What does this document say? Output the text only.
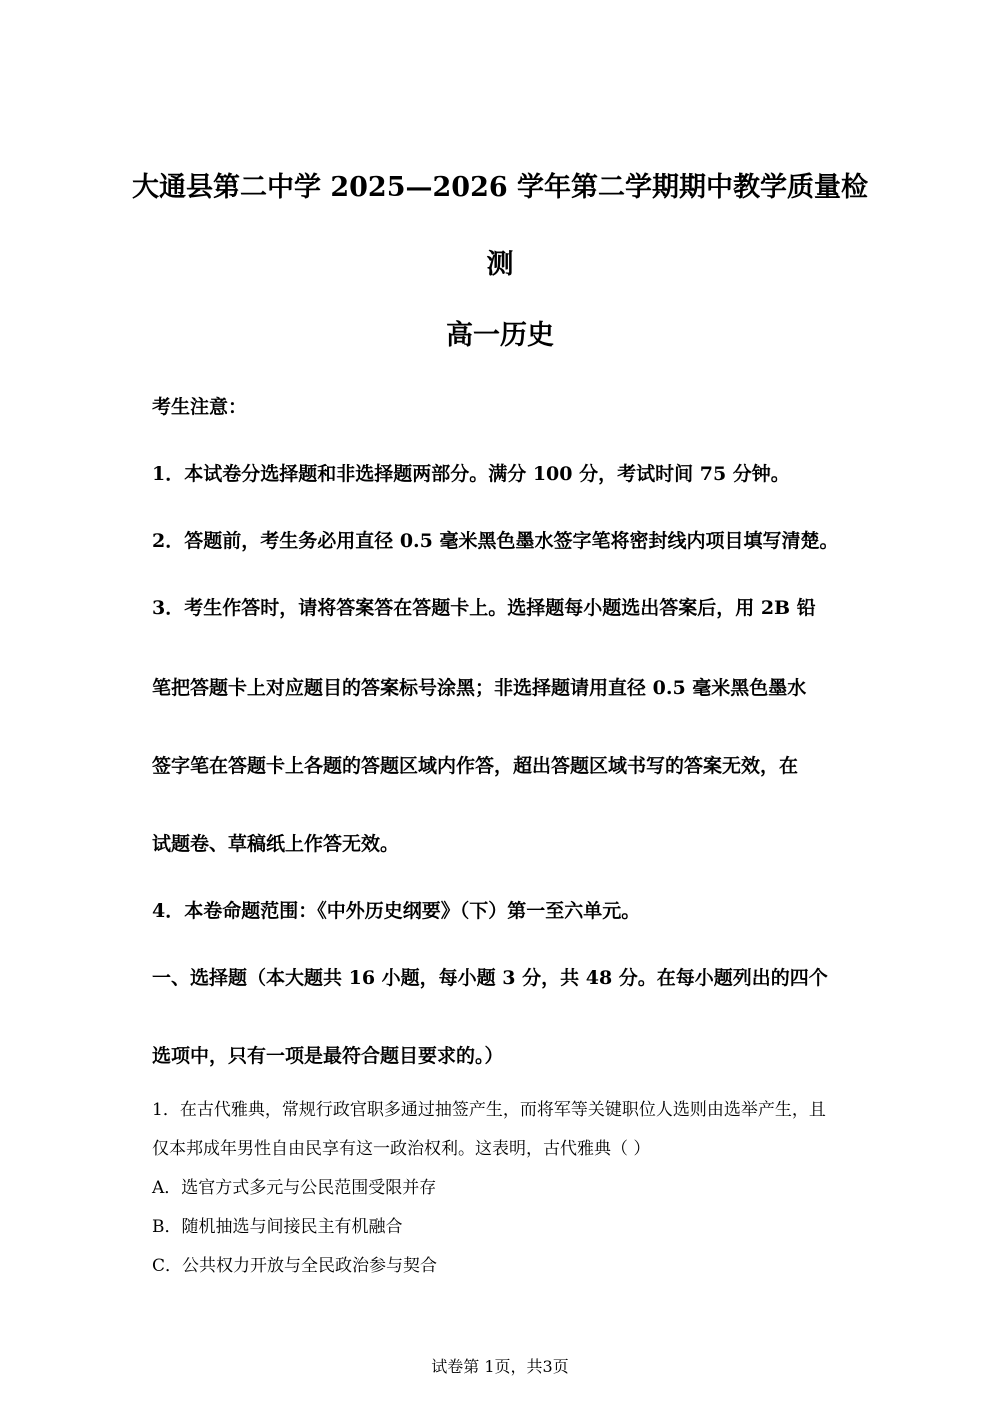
大通县第二中学 2025—2026 学年第二学期期中教学质量检
测
高一历史
考生注意：
1．本试卷分选择题和非选择题两部分。满分 100 分，考试时间 75 分钟。
2．答题前，考生务必用直径 0.5 毫米黑色墨水签字笔将密封线内项目填写清楚。
3．考生作答时，请将答案答在答题卡上。选择题每小题选出答案后，用 2B 铅
笔把答题卡上对应题目的答案标号涂黑；非选择题请用直径 0.5 毫米黑色墨水
签字笔在答题卡上各题的答题区域内作答，超出答题区域书写的答案无效，在
试题卷、草稿纸上作答无效。
4．本卷命题范围：《中外历史纲要》（下）第一至六单元。
一、选择题（本大题共 16 小题，每小题 3 分，共 48 分。在每小题列出的四个
选项中，只有一项是最符合题目要求的。）
1．在古代雅典，常规行政官职多通过抽签产生，而将军等关键职位人选则由选举产生，且
仅本邦成年男性自由民享有这一政治权利。这表明，古代雅典（ ）
A．选官方式多元与公民范围受限并存
B．随机抽选与间接民主有机融合
C．公共权力开放与全民政治参与契合
试卷第 1页，共3页
